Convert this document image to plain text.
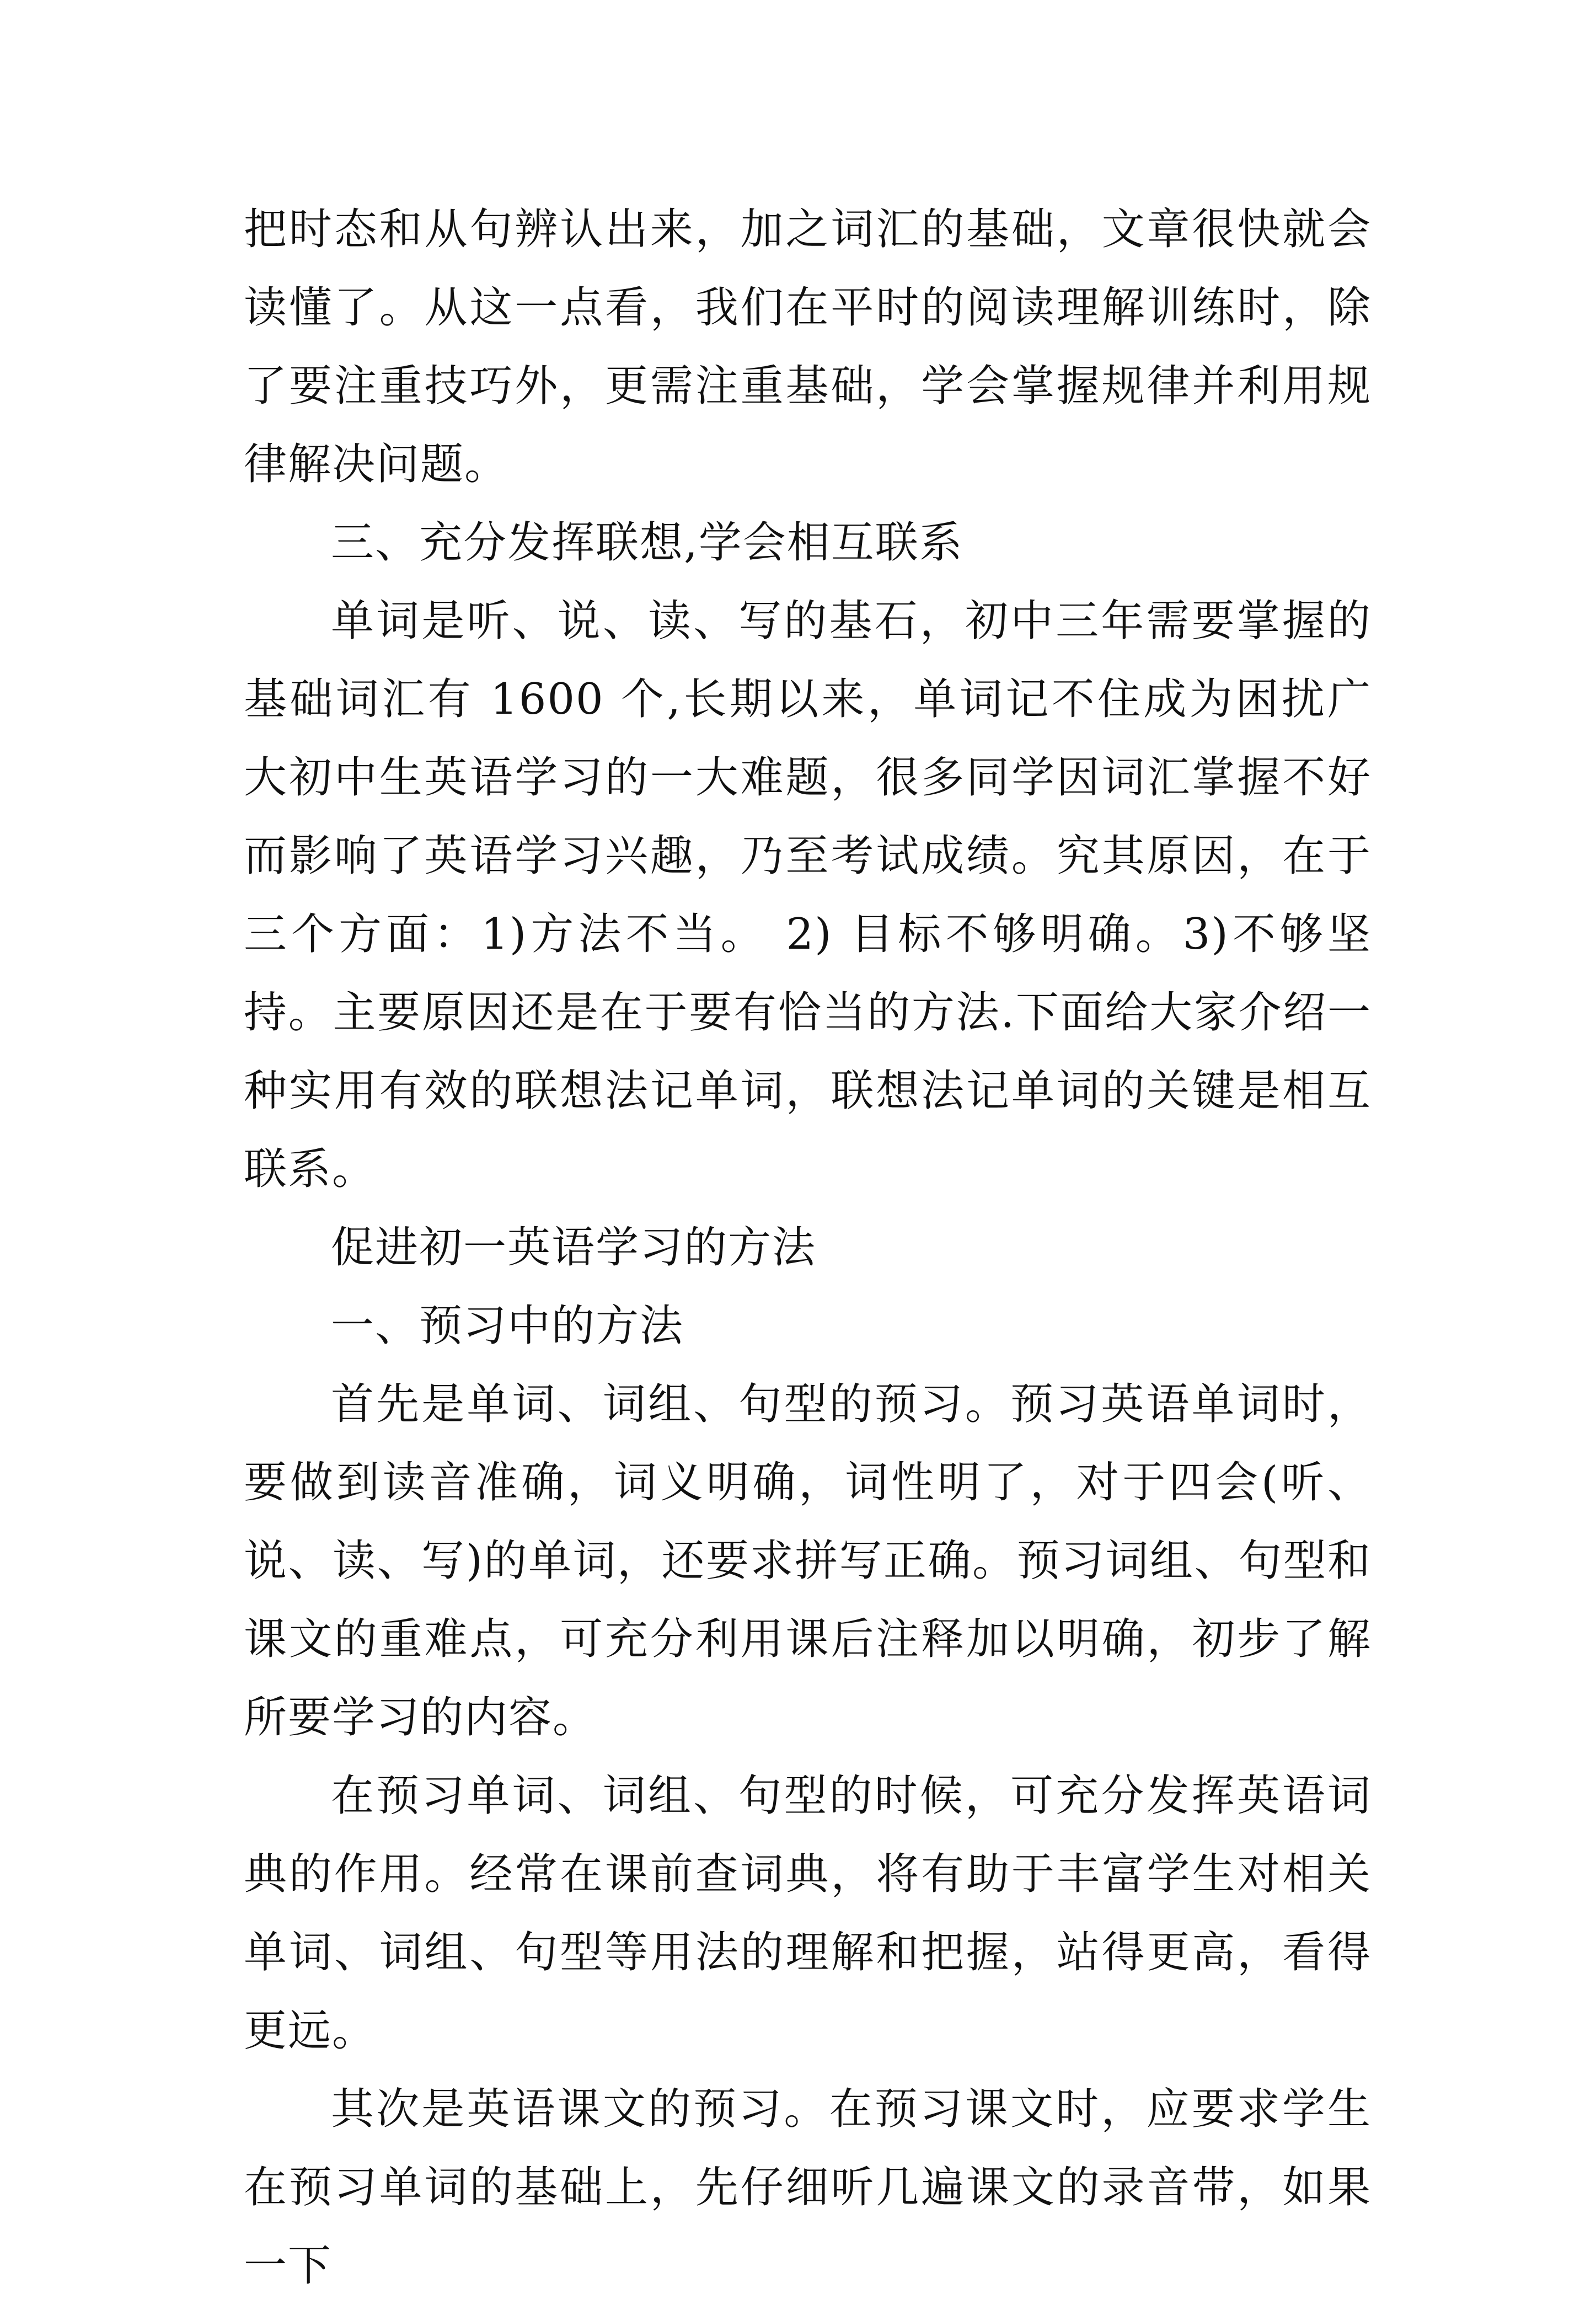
把时态和从句辨认出来，加之词汇的基础，文章很快就会读懂了。从这一点看，我们在平时的阅读理解训练时，除了要注重技巧外，更需注重基础，学会掌握规律并利用规律解决问题。

三、充分发挥联想,学会相互联系

单词是听、说、读、写的基石，初中三年需要掌握的基础词汇有 1600 个,长期以来，单词记不住成为困扰广大初中生英语学习的一大难题，很多同学因词汇掌握不好而影响了英语学习兴趣，乃至考试成绩。究其原因，在于三个方面：1)方法不当。 2) 目标不够明确。3)不够坚持。主要原因还是在于要有恰当的方法.下面给大家介绍一种实用有效的联想法记单词，联想法记单词的关键是相互联系。

促进初一英语学习的方法

一、预习中的方法

首先是单词、词组、句型的预习。预习英语单词时，要做到读音准确，词义明确，词性明了，对于四会(听、说、读、写)的单词，还要求拼写正确。预习词组、句型和课文的重难点，可充分利用课后注释加以明确，初步了解所要学习的内容。

在预习单词、词组、句型的时候，可充分发挥英语词典的作用。经常在课前查词典，将有助于丰富学生对相关单词、词组、句型等用法的理解和把握，站得更高，看得更远。

其次是英语课文的预习。在预习课文时，应要求学生在预习单词的基础上，先仔细听几遍课文的录音带，如果一下
